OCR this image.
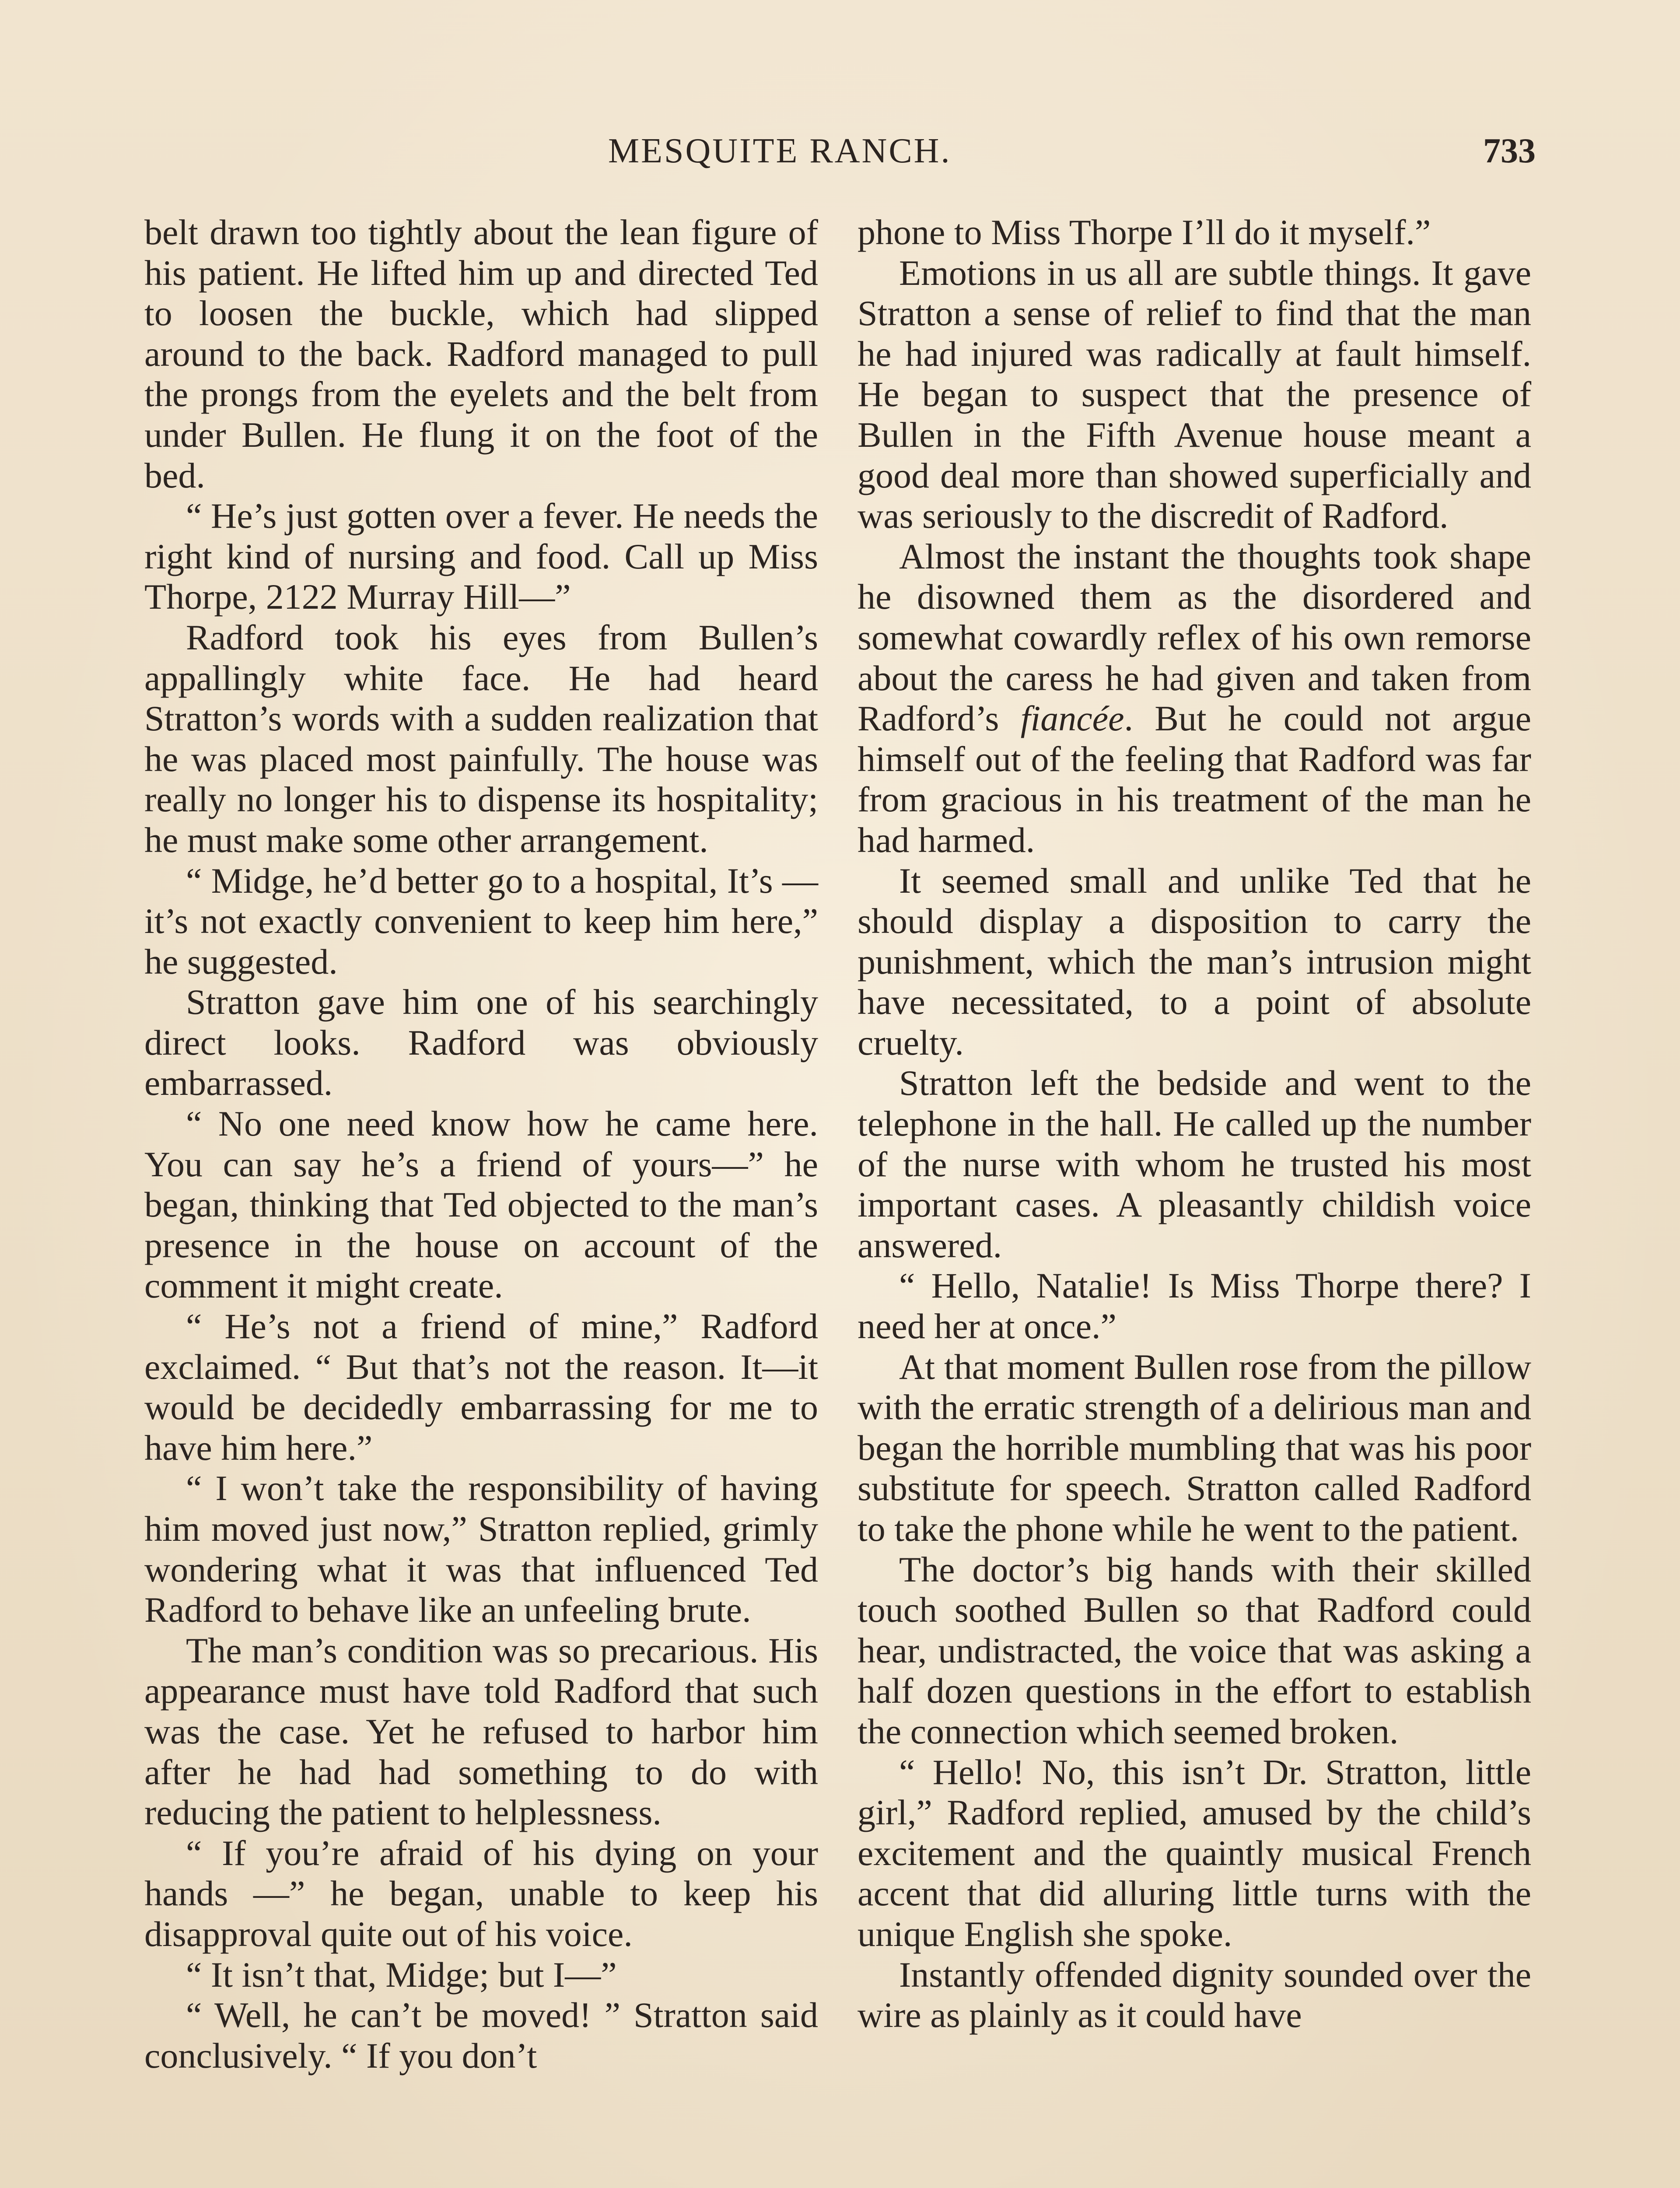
MESQUITE RANCH.	733

belt drawn too tightly about the lean figure of his patient. He lifted him up and directed Ted to loosen the buckle, which had slipped around to the back. Radford managed to pull the prongs from the eyelets and the belt from under Bullen. He flung it on the foot of the bed.

“ He’s just gotten over a fever. He needs the right kind of nursing and food. Call up Miss Thorpe, 2122 Murray Hill—”

Radford took his eyes from Bullen’s appallingly white face. He had heard Stratton’s words with a sudden realization that he was placed most painfully. The house was really no longer his to dispense its hospitality; he must make some other arrangement.

“ Midge, he’d better go to a hospital, It’s — it’s not exactly convenient to keep him here,” he suggested.

Stratton gave him one of his searchingly direct looks. Radford was obviously embarrassed.

“ No one need know how he came here. You can say he’s a friend of yours—” he began, thinking that Ted objected to the man’s presence in the house on account of the comment it might create.

“ He’s not a friend of mine,” Radford exclaimed. “ But that’s not the reason. It—it would be decidedly embarrassing for me to have him here.”

“ I won’t take the responsibility of having him moved just now,” Stratton replied, grimly wondering what it was that influenced Ted Radford to behave like an unfeeling brute.

The man’s condition was so precarious. His appearance must have told Radford that such was the case. Yet he refused to harbor him after he had had something to do with reducing the patient to helplessness.

“ If you’re afraid of his dying on your hands —” he began, unable to keep his disapproval quite out of his voice.

“ It isn’t that, Midge; but I—”

“ Well, he can’t be moved! ” Stratton said conclusively. “ If you don’t

phone to Miss Thorpe I’ll do it myself.”

Emotions in us all are subtle things. It gave Stratton a sense of relief to find that the man he had injured was radically at fault himself. He began to suspect that the presence of Bullen in the Fifth Avenue house meant a good deal more than showed superficially and was seriously to the discredit of Radford.

Almost the instant the thoughts took shape he disowned them as the disordered and somewhat cowardly reflex of his own remorse about the caress he had given and taken from Radford’s fiancée. But he could not argue himself out of the feeling that Radford was far from gracious in his treatment of the man he had harmed.

It seemed small and unlike Ted that he should display a disposition to carry the punishment, which the man’s intrusion might have necessitated, to a point of absolute cruelty.

Stratton left the bedside and went to the telephone in the hall. He called up the number of the nurse with whom he trusted his most important cases. A pleasantly childish voice answered.

“ Hello, Natalie! Is Miss Thorpe there? I need her at once.”

At that moment Bullen rose from the pillow with the erratic strength of a delirious man and began the horrible mumbling that was his poor substitute for speech. Stratton called Radford to take the phone while he went to the patient.

The doctor’s big hands with their skilled touch soothed Bullen so that Radford could hear, undistracted, the voice that was asking a half dozen questions in the effort to establish the connection which seemed broken.

“ Hello! No, this isn’t Dr. Stratton, little girl,” Radford replied, amused by the child’s excitement and the quaintly musical French accent that did alluring little turns with the unique English she spoke.

Instantly offended dignity sounded over the wire as plainly as it could have
